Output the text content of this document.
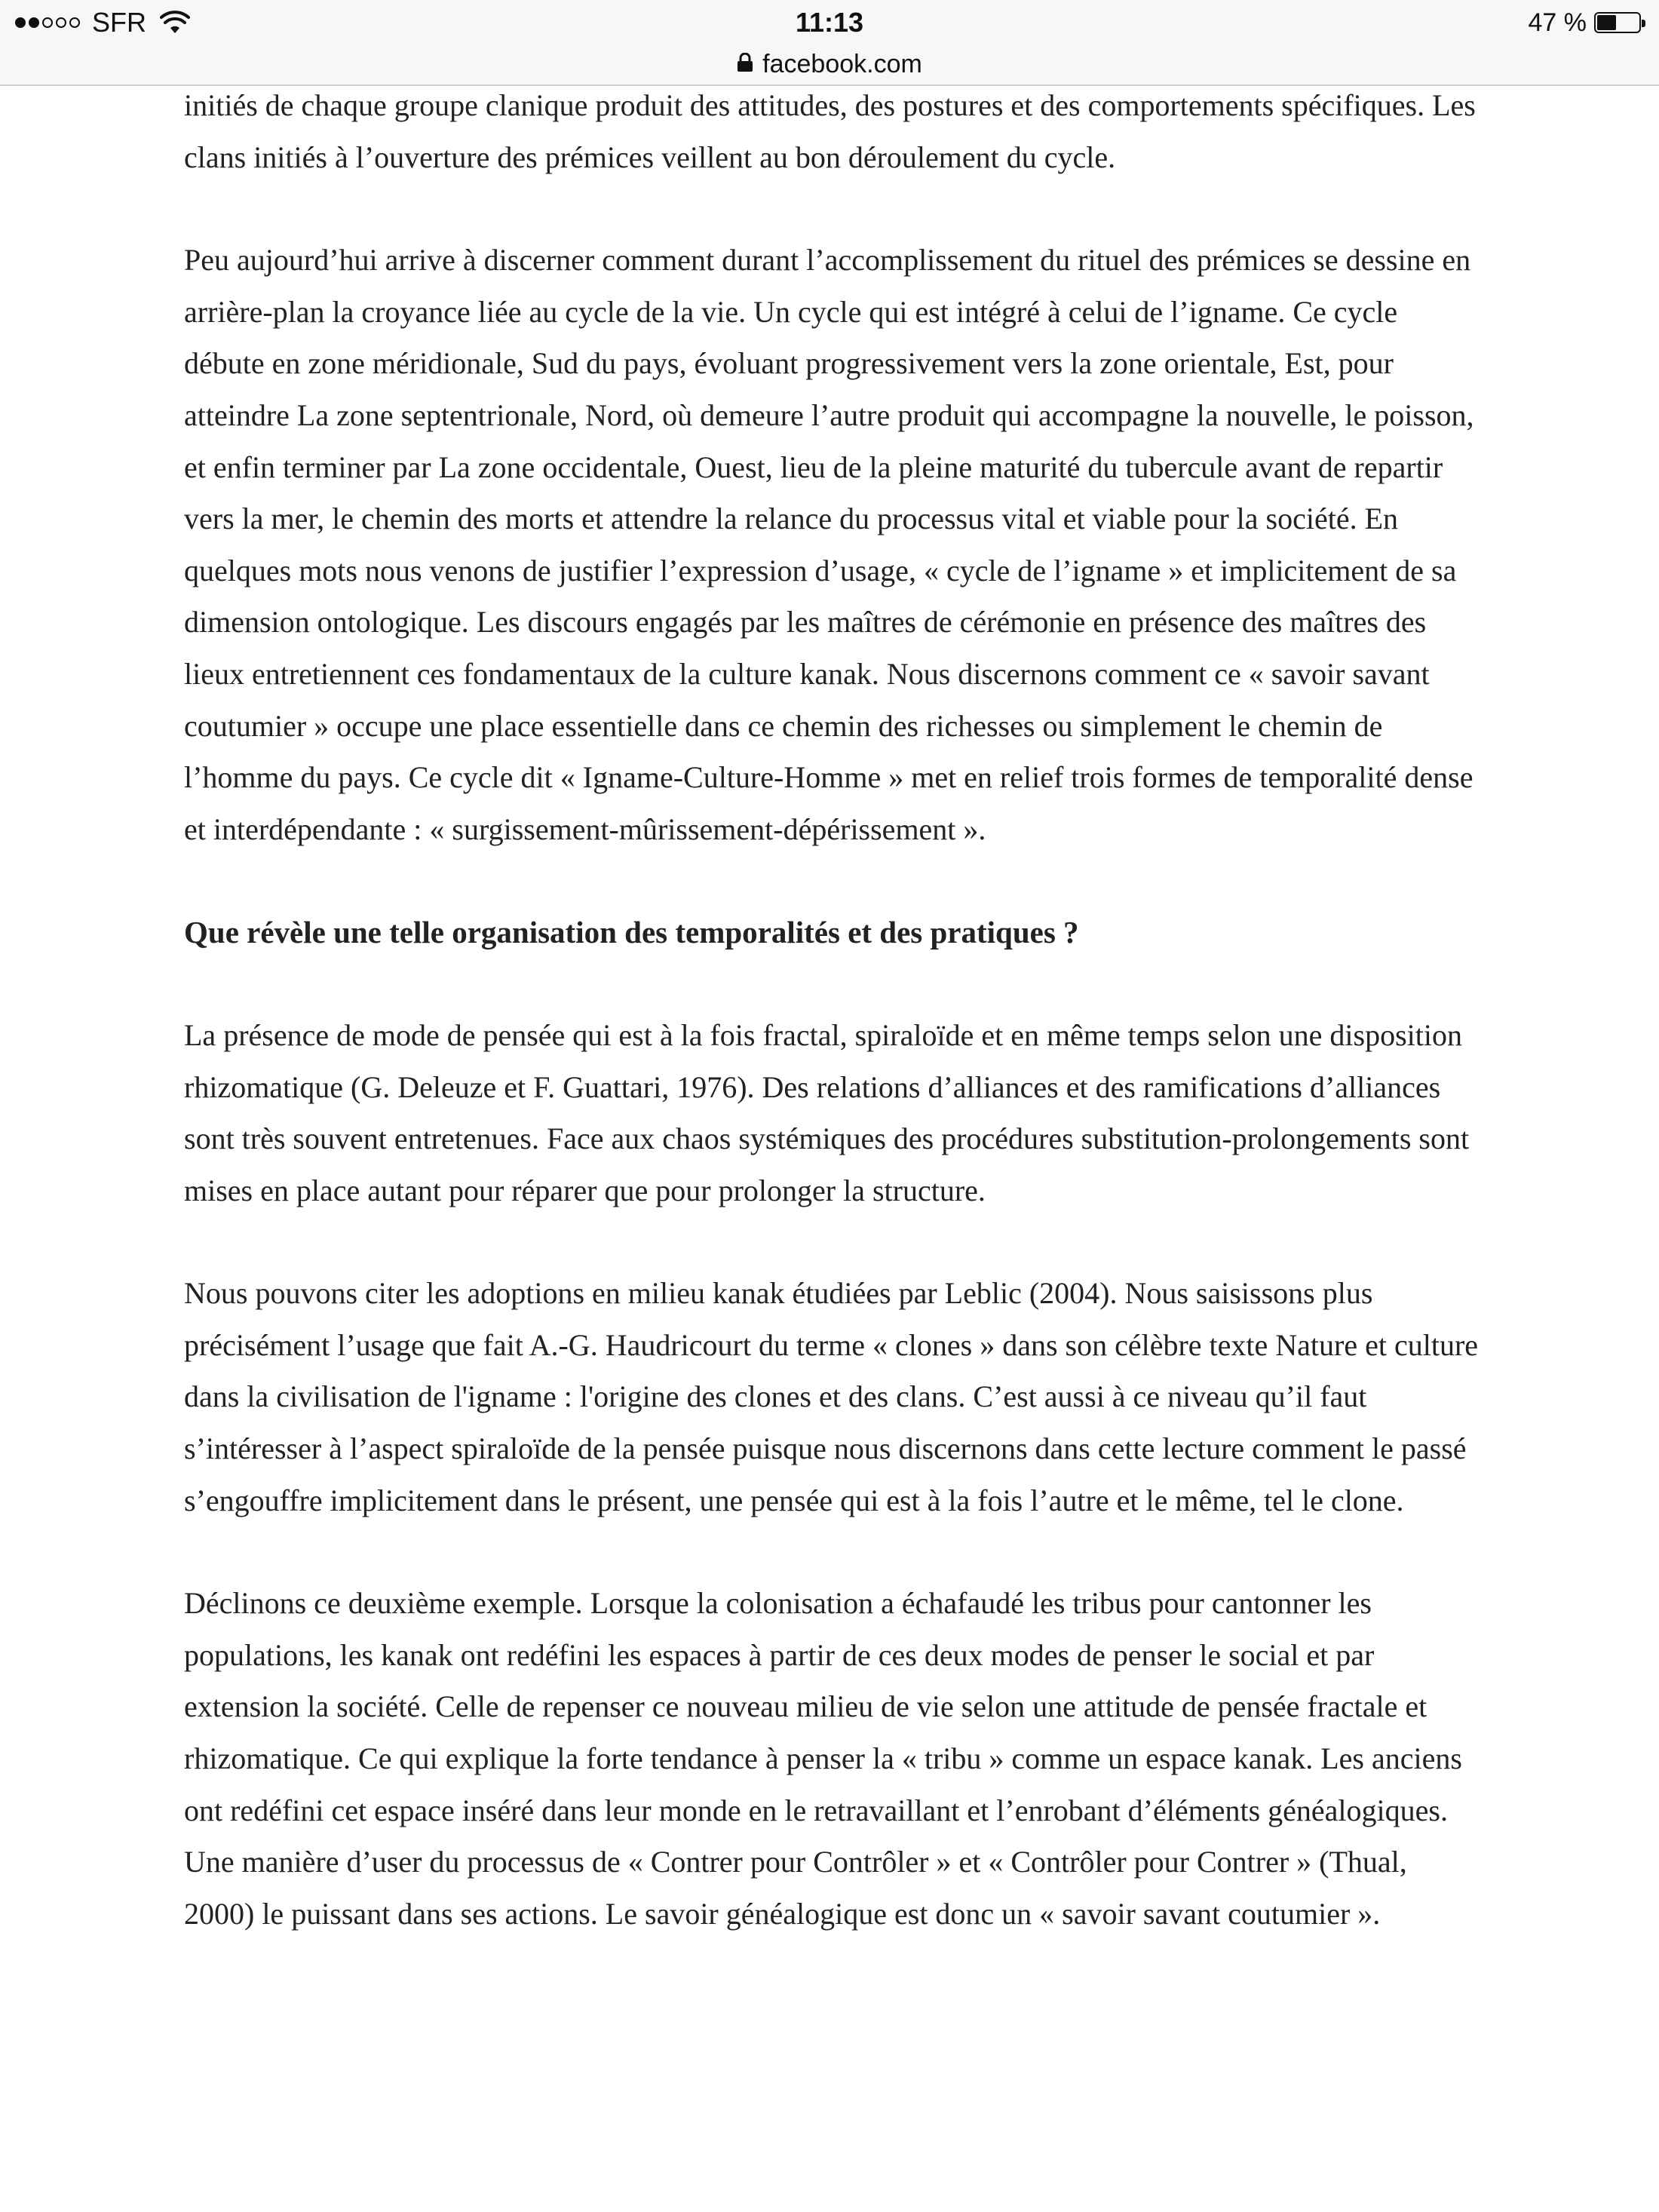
SFR	11:13	47 %
facebook.com

initiés de chaque groupe clanique produit des attitudes, des postures et des comportements spécifiques. Les clans initiés à l’ouverture des prémices veillent au bon déroulement du cycle.

Peu aujourd’hui arrive à discerner comment durant l’accomplissement du rituel des prémices se dessine en arrière-plan la croyance liée au cycle de la vie. Un cycle qui est intégré à celui de l’igname. Ce cycle débute en zone méridionale, Sud du pays, évoluant progressivement vers la zone orientale, Est, pour atteindre La zone septentrionale, Nord, où demeure l’autre produit qui accompagne la nouvelle, le poisson, et enfin terminer par La zone occidentale, Ouest, lieu de la pleine maturité du tubercule avant de repartir vers la mer, le chemin des morts et attendre la relance du processus vital et viable pour la société. En quelques mots nous venons de justifier l’expression d’usage, « cycle de l’igname » et implicitement de sa dimension ontologique. Les discours engagés par les maîtres de cérémonie en présence des maîtres des lieux entretiennent ces fondamentaux de la culture kanak. Nous discernons comment ce « savoir savant coutumier » occupe une place essentielle dans ce chemin des richesses ou simplement le chemin de l’homme du pays. Ce cycle dit « Igname-Culture-Homme » met en relief trois formes de temporalité dense et interdépendante : « surgissement-mûrissement-dépérissement ».

Que révèle une telle organisation des temporalités et des pratiques ?

La présence de mode de pensée qui est à la fois fractal, spiraloïde et en même temps selon une disposition rhizomatique (G. Deleuze et F. Guattari, 1976). Des relations d’alliances et des ramifications d’alliances sont très souvent entretenues. Face aux chaos systémiques des procédures substitution-prolongements sont mises en place autant pour réparer que pour prolonger la structure.

Nous pouvons citer les adoptions en milieu kanak étudiées par Leblic (2004). Nous saisissons plus précisément l’usage que fait A.-G. Haudricourt du terme « clones » dans son célèbre texte Nature et culture dans la civilisation de l'igname : l'origine des clones et des clans. C’est aussi à ce niveau qu’il faut s’intéresser à l’aspect spiraloïde de la pensée puisque nous discernons dans cette lecture comment le passé s’engouffre implicitement dans le présent, une pensée qui est à la fois l’autre et le même, tel le clone.

Déclinons ce deuxième exemple. Lorsque la colonisation a échafaudé les tribus pour cantonner les populations, les kanak ont redéfini les espaces à partir de ces deux modes de penser le social et par extension la société. Celle de repenser ce nouveau milieu de vie selon une attitude de pensée fractale et rhizomatique. Ce qui explique la forte tendance à penser la « tribu » comme un espace kanak. Les anciens ont redéfini cet espace inséré dans leur monde en le retravaillant et l’enrobant d’éléments généalogiques. Une manière d’user du processus de « Contrer pour Contrôler » et « Contrôler pour Contrer » (Thual, 2000) le puissant dans ses actions. Le savoir généalogique est donc un « savoir savant coutumier ».
